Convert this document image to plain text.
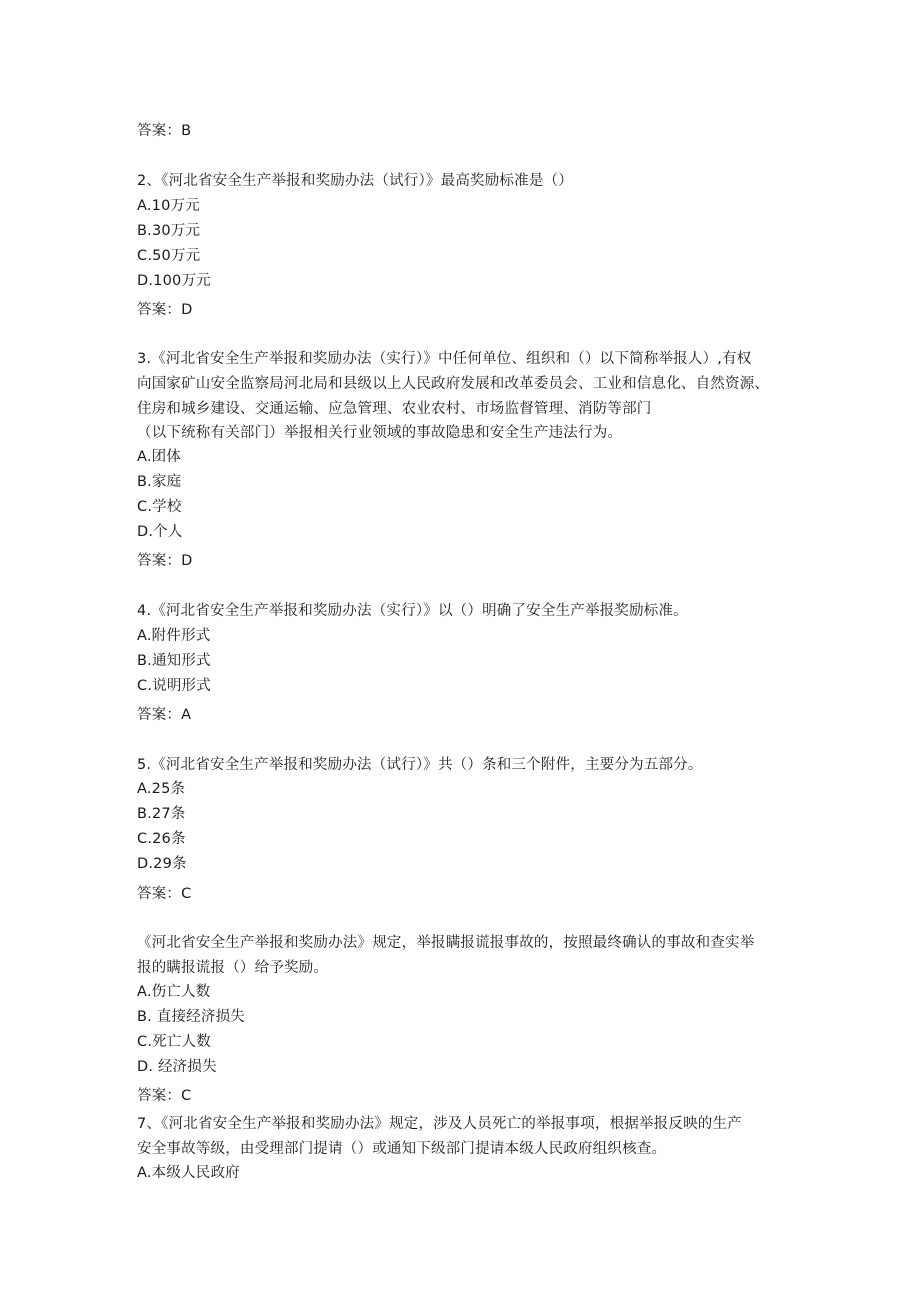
答案：B
2、《河北省安全生产举报和奖励办法（试行）》最高奖励标准是（）
A.10万元
B.30万元
C.50万元
D.100万元
答案：D
3.《河北省安全生产举报和奖励办法（实行）》中任何单位、组织和（）以下简称举报人）,有权
向国家矿山安全监察局河北局和县级以上人民政府发展和改革委员会、工业和信息化、自然资源、
住房和城乡建设、交通运输、应急管理、农业农村、市场监督管理、消防等部门
（以下统称有关部门）举报相关行业领域的事故隐患和安全生产违法行为。
A.团体
B.家庭
C.学校
D.个人
答案：D
4.《河北省安全生产举报和奖励办法（实行）》以（）明确了安全生产举报奖励标准。
A.附件形式
B.通知形式
C.说明形式
答案：A
5.《河北省安全生产举报和奖励办法（试行）》共（）条和三个附件，主要分为五部分。
A.25条
B.27条
C.26条
D.29条
答案：C
《河北省安全生产举报和奖励办法》规定，举报瞒报谎报事故的，按照最终确认的事故和查实举
报的瞒报谎报（）给予奖励。
A.伤亡人数
B. 直接经济损失
C.死亡人数
D. 经济损失
答案：C
7、《河北省安全生产举报和奖励办法》规定，涉及人员死亡的举报事项，根据举报反映的生产
安全事故等级，由受理部门提请（）或通知下级部门提请本级人民政府组织核查。
A.本级人民政府
